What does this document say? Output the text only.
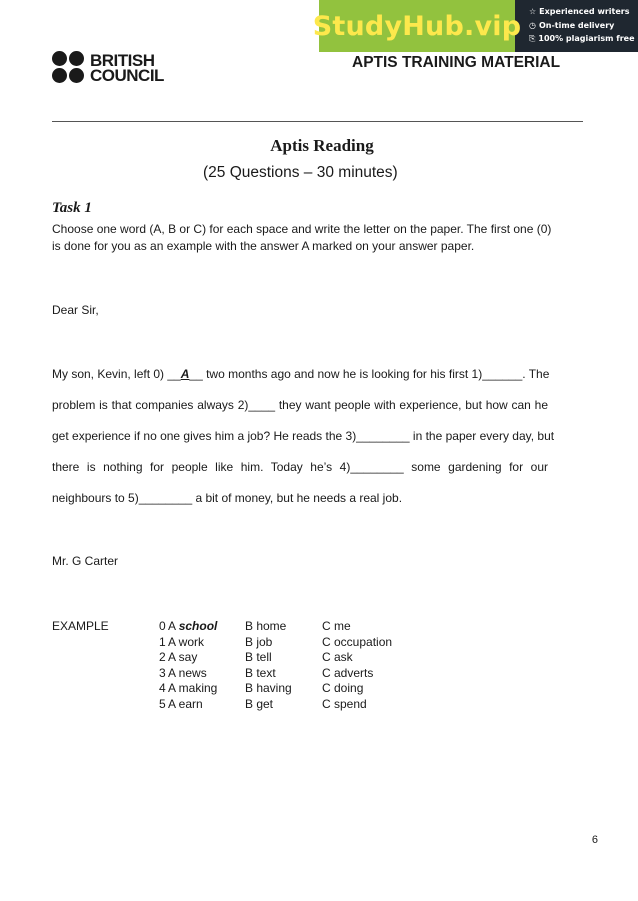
StudyHub.vip ☆ Experienced writers
◷ On-time delivery
⎘ 100% plagiarism free
APTIS TRAINING MATERIAL
BRITISH
COUNCIL
Aptis Reading
(25 Questions – 30 minutes)
Task 1
Choose one word (A, B or C) for each space and write the letter on the paper. The first one (0)
is done for you as an example with the answer A marked on your answer paper.
Dear Sir,
My son, Kevin, left 0) __A__ two months ago and now he is looking for his first 1)______. The
problem is that companies always 2)____ they want people with experience, but how can he
get experience if no one gives him a job? He reads the 3)________ in the paper every day, but
there is nothing for people like him. Today he’s 4)________ some gardening for our
neighbours to 5)________ a bit of money, but he needs a real job.
Mr. G Carter
EXAMPLE	0	A school	B home	C me
	1	A work	B job	C occupation
	2	A say	B tell	C ask
	3	A news	B text	C adverts
	4	A making	B having	C doing
	5	A earn	B get	C spend
6
